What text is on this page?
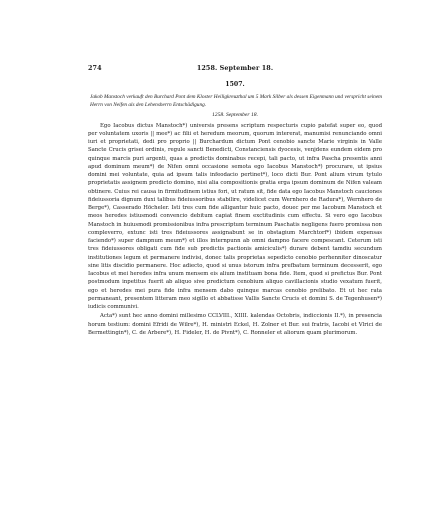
274	1258. September 18.
1507.
Jakob Manstoch verkauft den Burchard Pont dem Kloster Heiligkreuzthal um 5 Mark Silber als dessen Eigenmann und verspricht seinem Herrn von Neifen als den Lehensherrn Entschädigung.
1258. September 18.

Ego Iacobus dictus Manstoch*) universis presens scriptum respecturis cupio patefat super eo, quod per voluntatem uxoris || mee*) ac filii et heredum meorum, quorum intererat, manumisi renunciando omni iuri et proprietati, dedi pro proprio || Burchardum dictum Pont cenobio sancte Marie virginis in Valle Sancte Crucis grisei ordinis, regule sancti Benedicti, Constanciensis dyocesis, venjdens eundem eidem pro quinque marcis puri argenti, quas a predictis dominabus recepi, tali pacto, ut infra Pascha presentis anni apud dominum meum*) de Nifen omni occasione semota ego Iacobus Manstoch*) procurare, ut ipsius domini mei voluntate, quia ad ipsum talis infeodacio pertinet*), loco dicti Bur. Pont alium virum tytulo proprietatis assignem predicto domino, nisi alia compositionis gratia erga ipsum dominum de Nifen valeam obtinere. Cuius rei causa in firmitudinem istius fori, ut ratum sit, fide data ego Iacobus Manstoch cauciones fideiussoria dignum duxi talibus fideiussoribus stabilire, videlicet cum Wernhero de Radura*), Wernhero de Berge*), Casserado Höcheler. Isti tres cum fide alligantur huic pacto, douec per me Iacobum Manstoch et meos heredes istiusmodi convencio debitum capiat finem exctitudinis cum effectu. Si vero ego Iacobus Manstoch in huiusmodi promissionibus infra prescriptum terminum Paschatis negligens fuero promissa non compleverro, extunc isti tres fideiussores assignabunt se in obstagium Marchtorf*) ibidem expensas faciendo*) super dampnum meum*) et illos internpunn ab omni dampno facere compescant. Ceterum isti tres fideiussores obligati cum fide sub predictis pactionis amiciculis*) durare debent tamdiu secundum institutiones legum et permanere indivisi, donec talis proprietas sepedicto cenobio perhenniter dinoscatur sine litis discidio permanere. Hoc adiecto, quod si unus istorum infra prefbatum terminum decesserit, ego Iacobus et mei heredes infra unum mensem eis alium instituam bona fide. Item, quod si prefictus Bur. Pont postmodum inpetitus fuerit ab aliquo sive predictum cenobium aliquo cavillacionis studio vexatum fuerit, ego et heredes mei pura fide infra mensem dabo quinque marcas cenobio prelibato. Et ut hec rata permaneant, presentem litteram meo sigillo et abbatisse Vallis Sancte Crucis et domini S. de Tegenhusen*) iudicis communivi.

Acta*) sunt hec anno domini millesimo CCLVIII., XIIII. kalendas Octobris, indiccionis II.*), in presencia horum testium: domini Efridi de Wilre*), H. ministri Eckel, H. Zolner et Bur. sui fratris, Iacobi et Vlrici de Bermettingin*), C. de Arbere*), H. Fideler, H. de Pivnt*), C. Ronneler et aliorum quam plurimorum.
